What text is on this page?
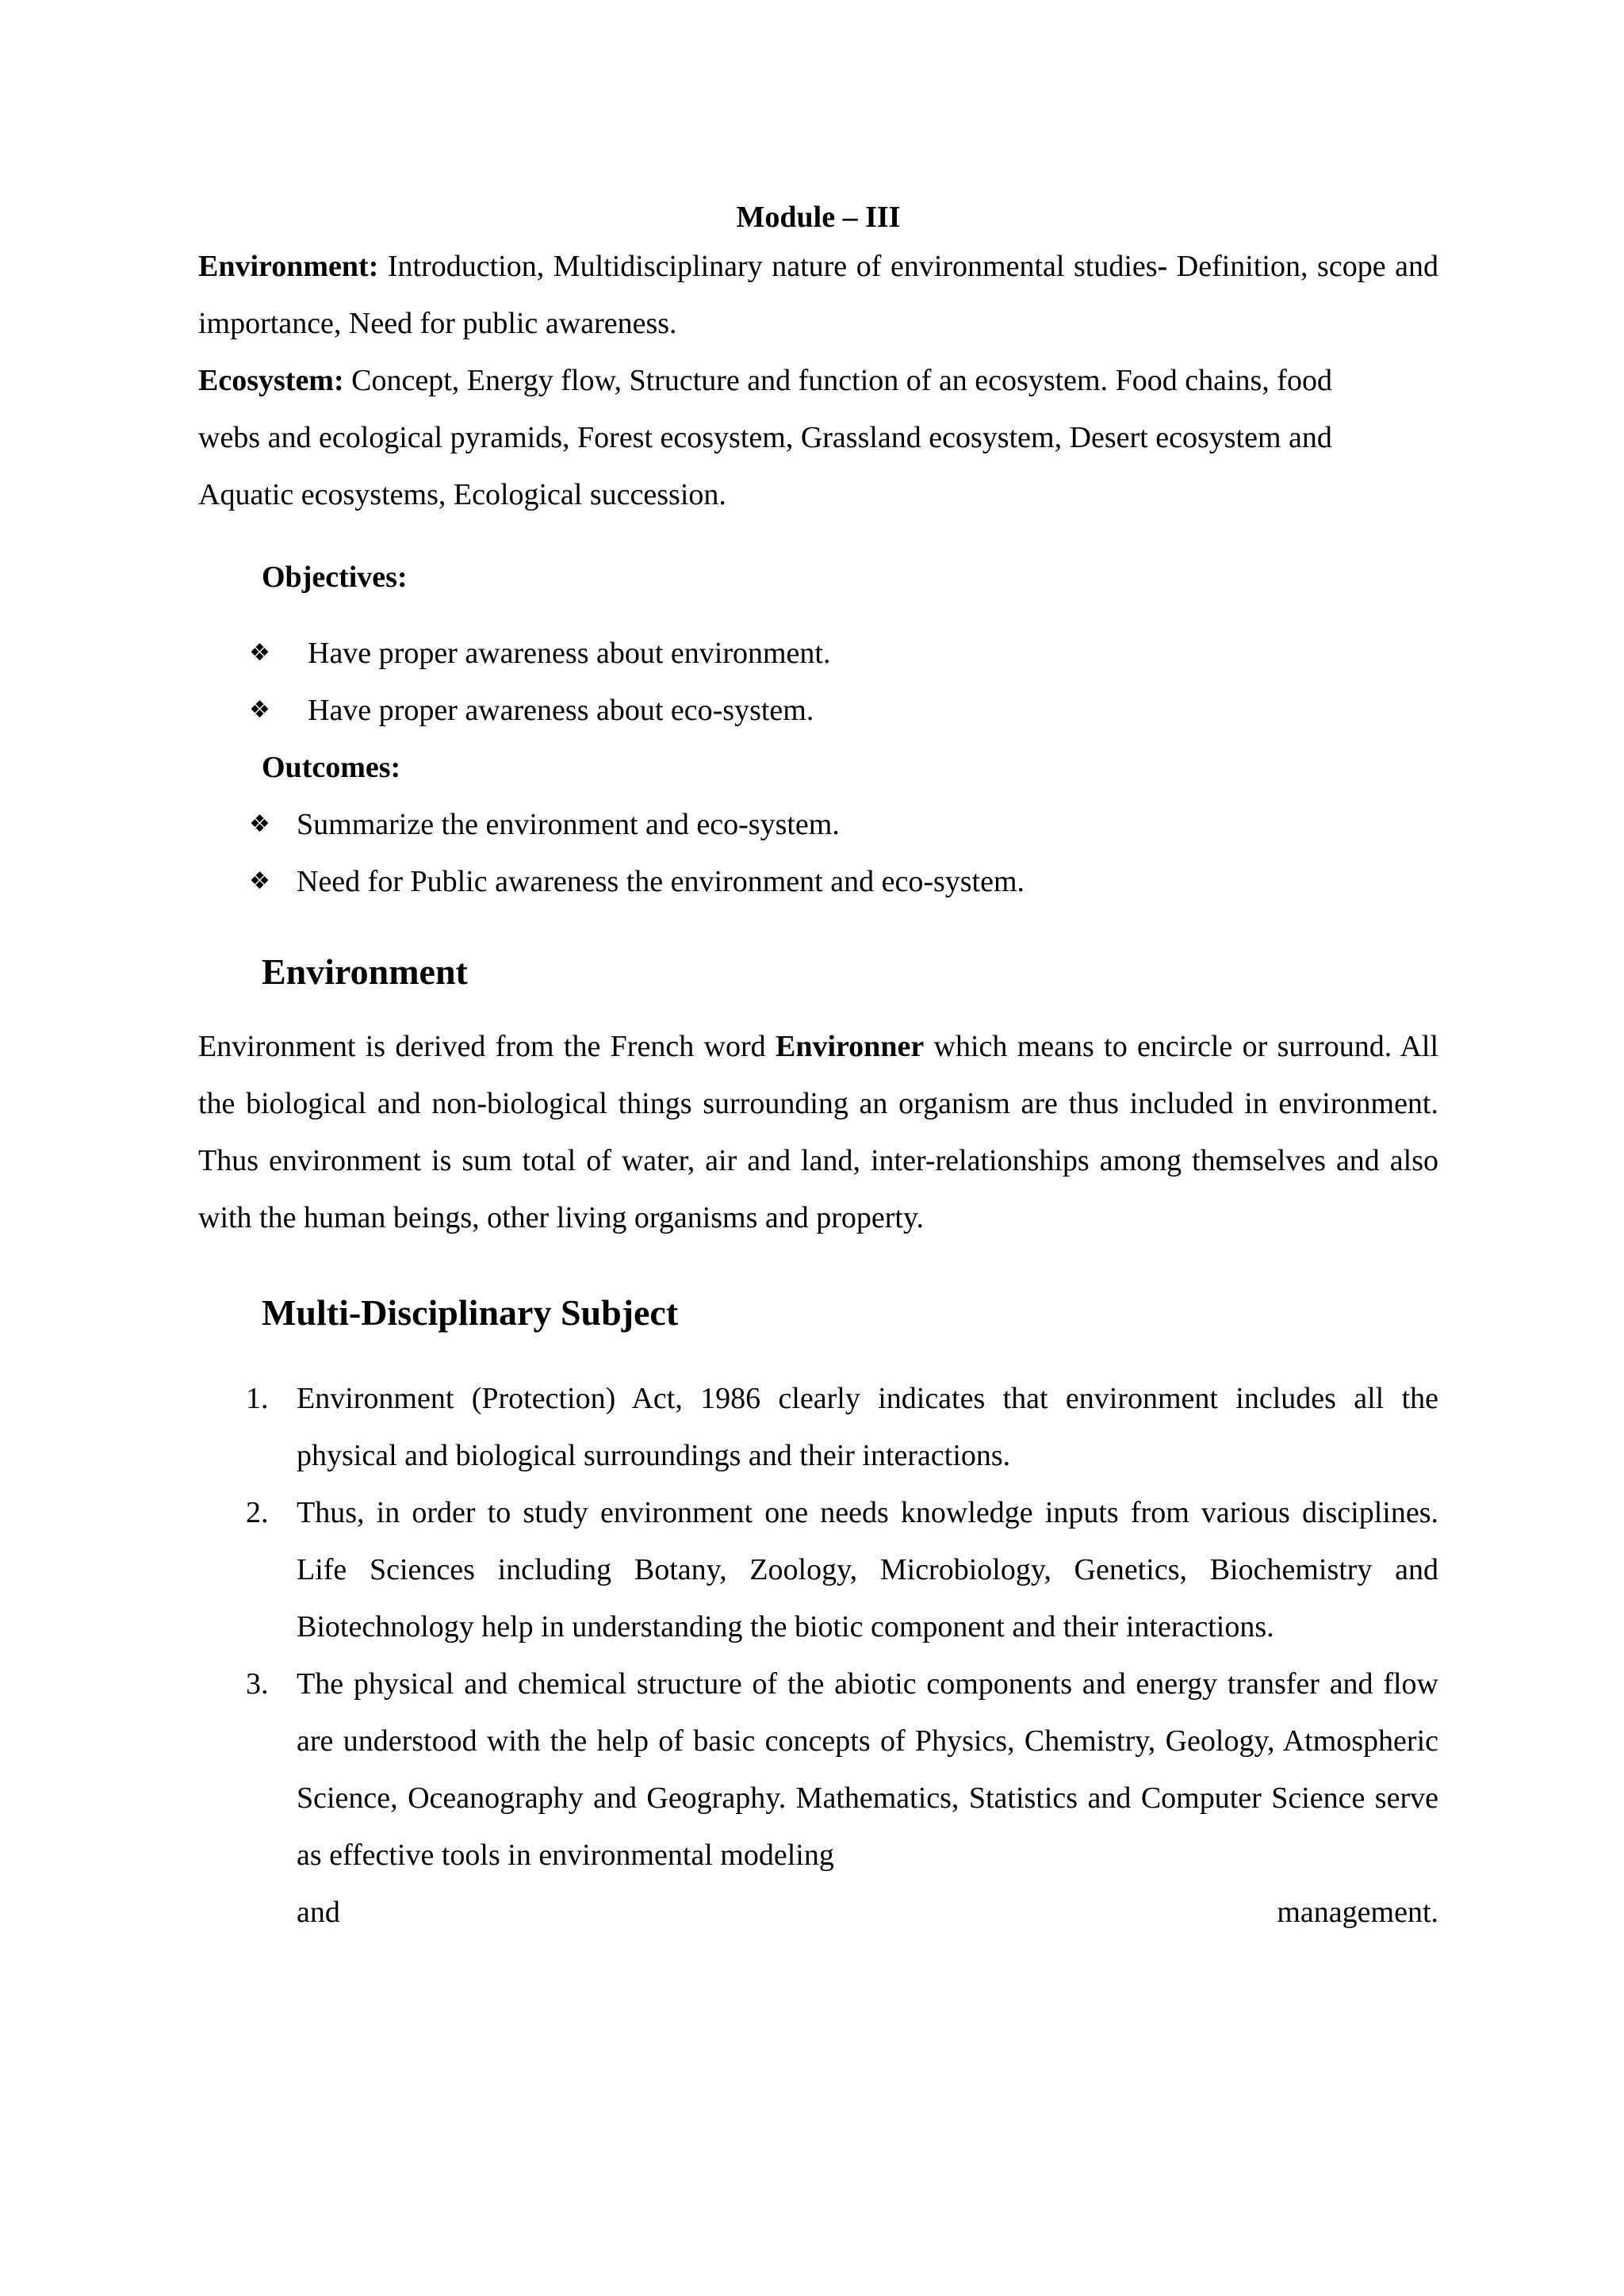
Module – III

Environment: Introduction, Multidisciplinary nature of environmental studies- Definition, scope and importance, Need for public awareness.

Ecosystem: Concept, Energy flow, Structure and function of an ecosystem. Food chains, food webs and ecological pyramids, Forest ecosystem, Grassland ecosystem, Desert ecosystem and Aquatic ecosystems, Ecological succession.

Objectives:

❖ Have proper awareness about environment.
❖ Have proper awareness about eco-system.

Outcomes:

❖ Summarize the environment and eco-system.
❖ Need for Public awareness the environment and eco-system.

Environment

Environment is derived from the French word Environner which means to encircle or surround. All the biological and non-biological things surrounding an organism are thus included in environment. Thus environment is sum total of water, air and land, inter-relationships among themselves and also with the human beings, other living organisms and property.

Multi-Disciplinary Subject

1. Environment (Protection) Act, 1986 clearly indicates that environment includes all the physical and biological surroundings and their interactions.
2. Thus, in order to study environment one needs knowledge inputs from various disciplines. Life Sciences including Botany, Zoology, Microbiology, Genetics, Biochemistry and Biotechnology help in understanding the biotic component and their interactions.
3. The physical and chemical structure of the abiotic components and energy transfer and flow are understood with the help of basic concepts of Physics, Chemistry, Geology, Atmospheric Science, Oceanography and Geography. Mathematics, Statistics and Computer Science serve as effective tools in environmental modeling
and	management.
